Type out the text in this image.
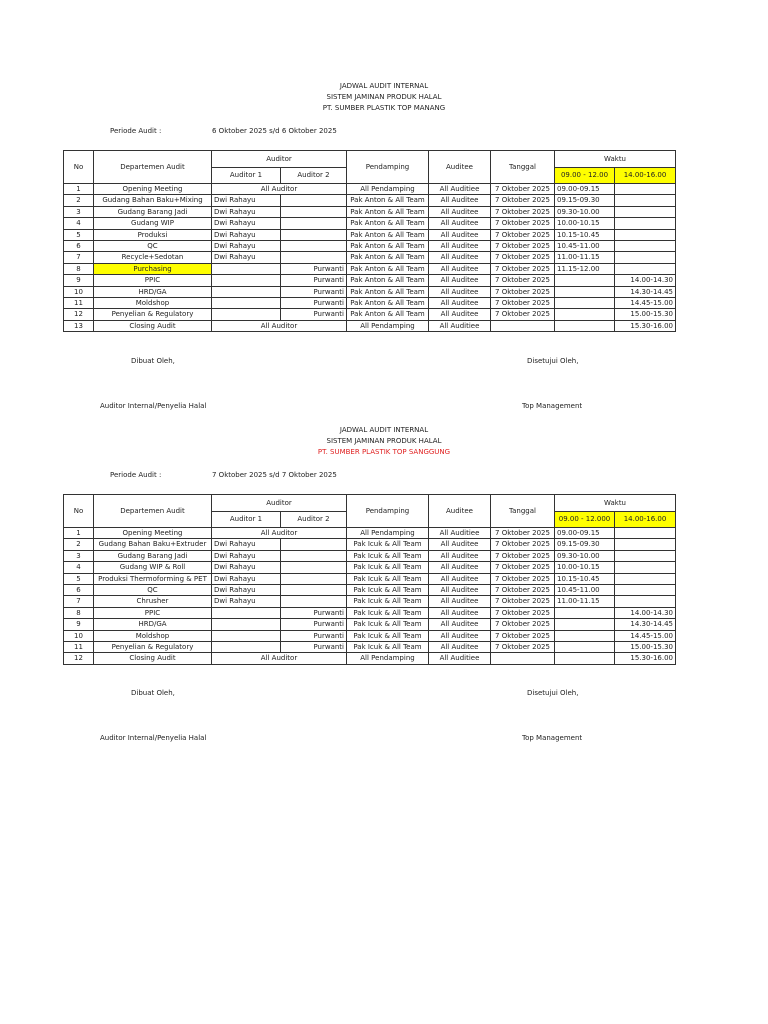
JADWAL AUDIT INTERNAL
SISTEM JAMINAN PRODUK HALAL
PT. SUMBER PLASTIK TOP MANANG
Periode Audit :	6 Oktober 2025 s/d 6 Oktober 2025
No	Departemen Audit	Auditor		Pendamping	Auditee	Tanggal	Waktu	
		Auditor 1	Auditor 2				09.00 - 12.00	14.00-16.00
1	Opening Meeting	All Auditor		All Pendamping	All Auditiee	7 Oktober 2025	09.00-09.15	
2	Gudang Bahan Baku+Mixing	Dwi Rahayu		Pak Anton & All Team	All Auditee	7 Oktober 2025	09.15-09.30	
3	Gudang Barang Jadi	Dwi Rahayu		Pak Anton & All Team	All Auditee	7 Oktober 2025	09.30-10.00	
4	Gudang WIP	Dwi Rahayu		Pak Anton & All Team	All Auditee	7 Oktober 2025	10.00-10.15	
5	Produksi	Dwi Rahayu		Pak Anton & All Team	All Auditee	7 Oktober 2025	10.15-10.45	
6	QC	Dwi Rahayu		Pak Anton & All Team	All Auditee	7 Oktober 2025	10.45-11.00	
7	Recycle+Sedotan	Dwi Rahayu		Pak Anton & All Team	All Auditee	7 Oktober 2025	11.00-11.15	
8	Purchasing		Purwanti	Pak Anton & All Team	All Auditee	7 Oktober 2025	11.15-12.00	
9	PPIC		Purwanti	Pak Anton & All Team	All Auditee	7 Oktober 2025		14.00-14.30
10	HRD/GA		Purwanti	Pak Anton & All Team	All Auditee	7 Oktober 2025		14.30-14.45
11	Moldshop		Purwanti	Pak Anton & All Team	All Auditee	7 Oktober 2025		14.45-15.00
12	Penyelian & Regulatory		Purwanti	Pak Anton & All Team	All Auditee	7 Oktober 2025		15.00-15.30
13	Closing Audit	All Auditor		All Pendamping	All Auditiee			15.30-16.00
Dibuat Oleh,	Disetujui Oleh,
Auditor Internal/Penyelia Halal	Top Management
JADWAL AUDIT INTERNAL
SISTEM JAMINAN PRODUK HALAL
PT. SUMBER PLASTIK TOP SANGGUNG
Periode Audit :	7 Oktober 2025 s/d 7 Oktober 2025
No	Departemen Audit	Auditor		Pendamping	Auditee	Tanggal	Waktu	
		Auditor 1	Auditor 2				09.00 - 12.000	14.00-16.00
1	Opening Meeting	All Auditor		All Pendamping	All Auditiee	7 Oktober 2025	09.00-09.15	
2	Gudang Bahan Baku+Extruder	Dwi Rahayu		Pak Icuk & All Team	All Auditee	7 Oktober 2025	09.15-09.30	
3	Gudang Barang Jadi	Dwi Rahayu		Pak Icuk & All Team	All Auditee	7 Oktober 2025	09.30-10.00	
4	Gudang WIP & Roll	Dwi Rahayu		Pak Icuk & All Team	All Auditee	7 Oktober 2025	10.00-10.15	
5	Produksi Thermoforming & PET	Dwi Rahayu		Pak Icuk & All Team	All Auditee	7 Oktober 2025	10.15-10.45	
6	QC	Dwi Rahayu		Pak Icuk & All Team	All Auditee	7 Oktober 2025	10.45-11.00	
7	Chrusher	Dwi Rahayu		Pak Icuk & All Team	All Auditee	7 Oktober 2025	11.00-11.15	
8	PPIC		Purwanti	Pak Icuk & All Team	All Auditee	7 Oktober 2025		14.00-14.30
9	HRD/GA		Purwanti	Pak Icuk & All Team	All Auditee	7 Oktober 2025		14.30-14.45
10	Moldshop		Purwanti	Pak Icuk & All Team	All Auditee	7 Oktober 2025		14.45-15.00
11	Penyelian & Regulatory		Purwanti	Pak Icuk & All Team	All Auditee	7 Oktober 2025		15.00-15.30
12	Closing Audit	All Auditor		All Pendamping	All Auditiee			15.30-16.00
Dibuat Oleh,	Disetujui Oleh,
Auditor Internal/Penyelia Halal	Top Management
